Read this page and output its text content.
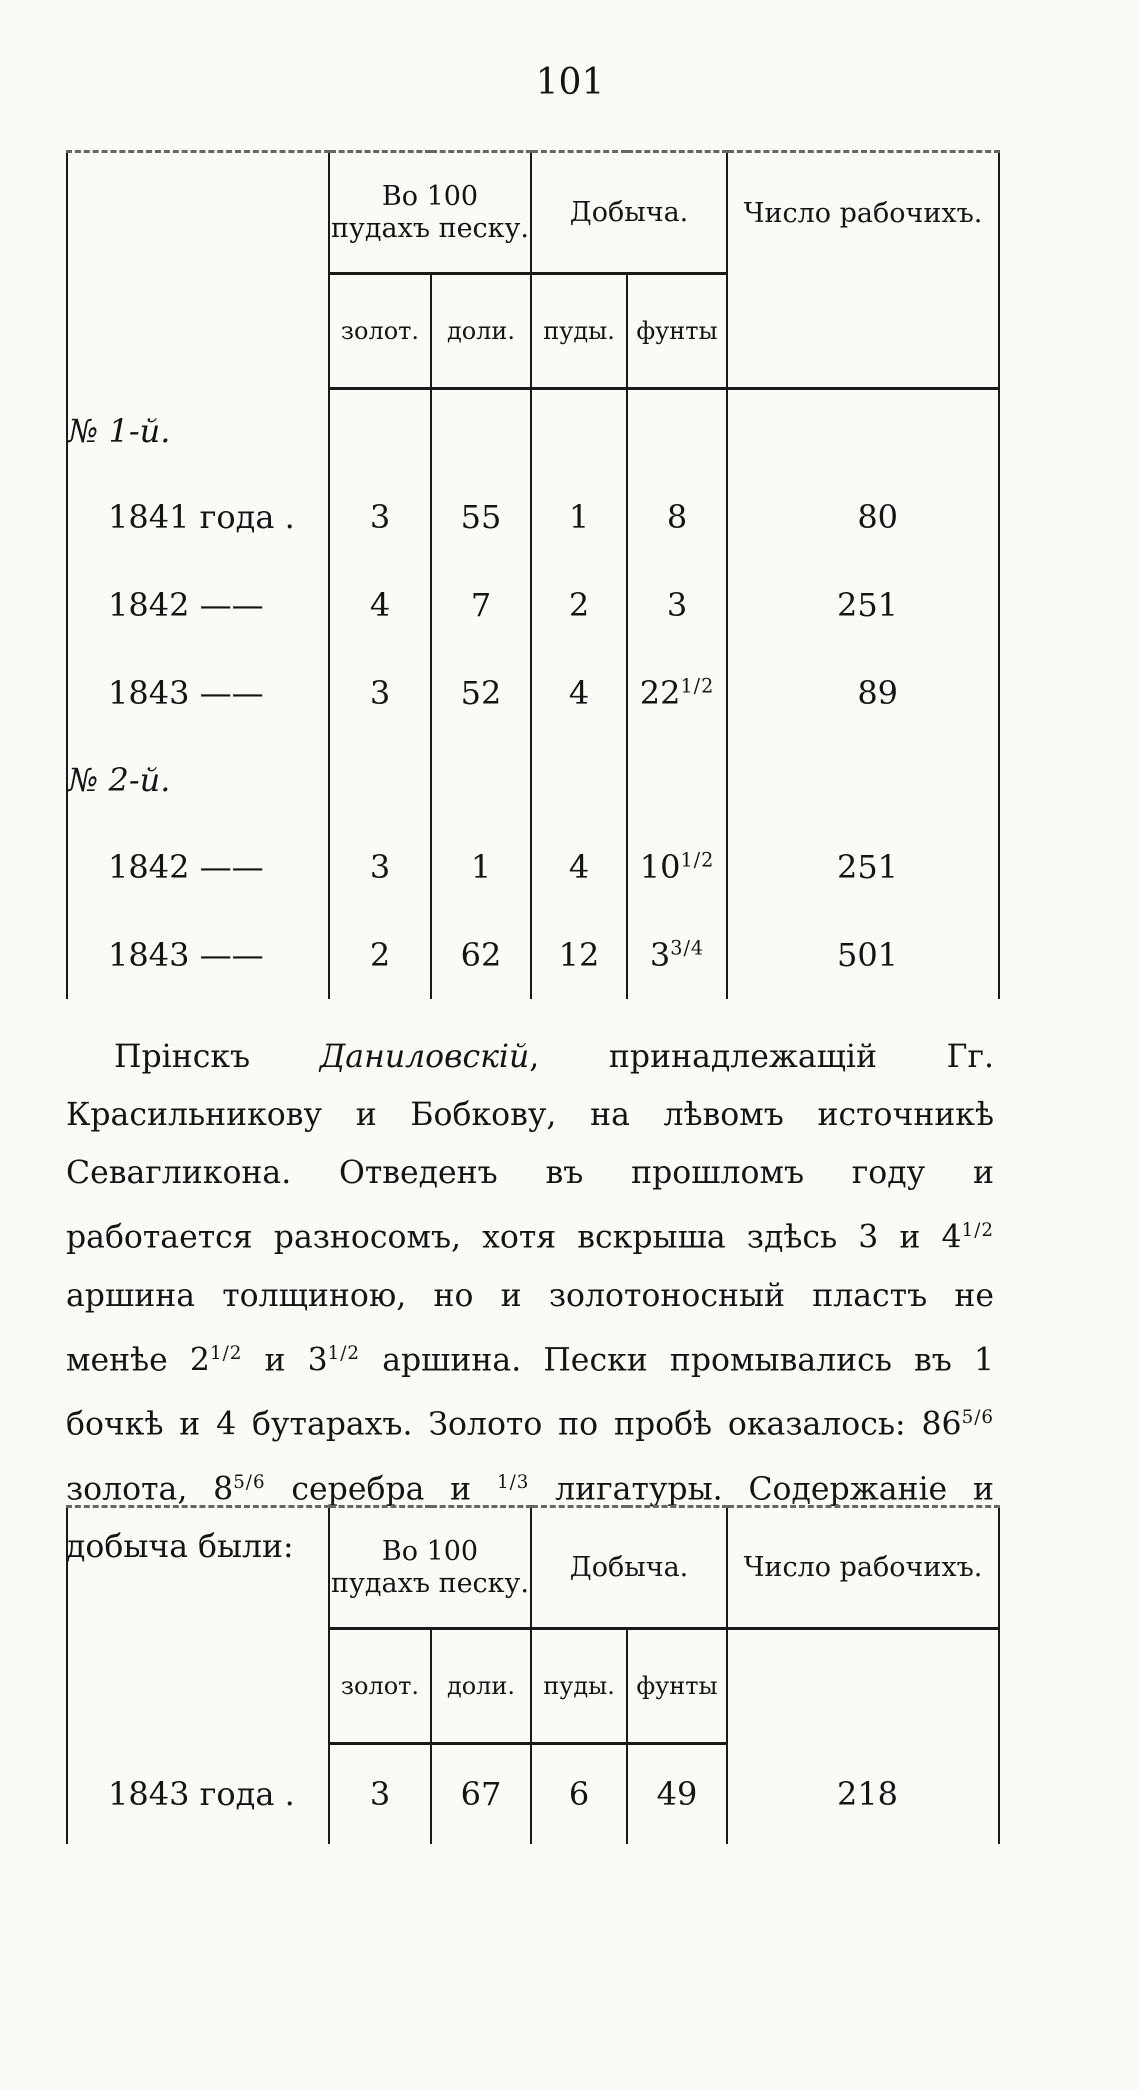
101
	Во 100 пудахъ песку.		Добыча.		Число рабочихъ.
	золот.	доли.	пуды.	фунты	
№ 1-й.					
1841 года .	3	55	1	8	80
1842 ——	4	7	2	3	251
1843 ——	3	52	4	$22^{1/2}$	89
№ 2-й.					
1842 ——	3	1	4	$10^{1/2}$	251
1843 ——	2	62	12	$3^{3/4}$	501
Прінскъ Даниловскій, принадлежащій Гг. Красильникову и Бобкову, на лѣвомъ источникѣ Севагликона. Отведенъ въ прошломъ году и работается разносомъ, хотя вскрыша здѣсь 3 и $4^{1/2}$ аршина толщиною, но и золотоносный пластъ не менѣе $2^{1/2}$ и $3^{1/2}$ аршина. Пески промывались въ 1 бочкѣ и 4 бутарахъ. Золото по пробѣ оказалось: $86^{5/6}$ золота, $8^{5/6}$ серебра и $^{1/3}$ лигатуры. Содержаніе и добыча были:
		Во 100 пудахъ песку.		Добыча.		Число рабочихъ.
	золот.	доли.	пуды.	фунты	
1843 года .	3	67	6	49	218
